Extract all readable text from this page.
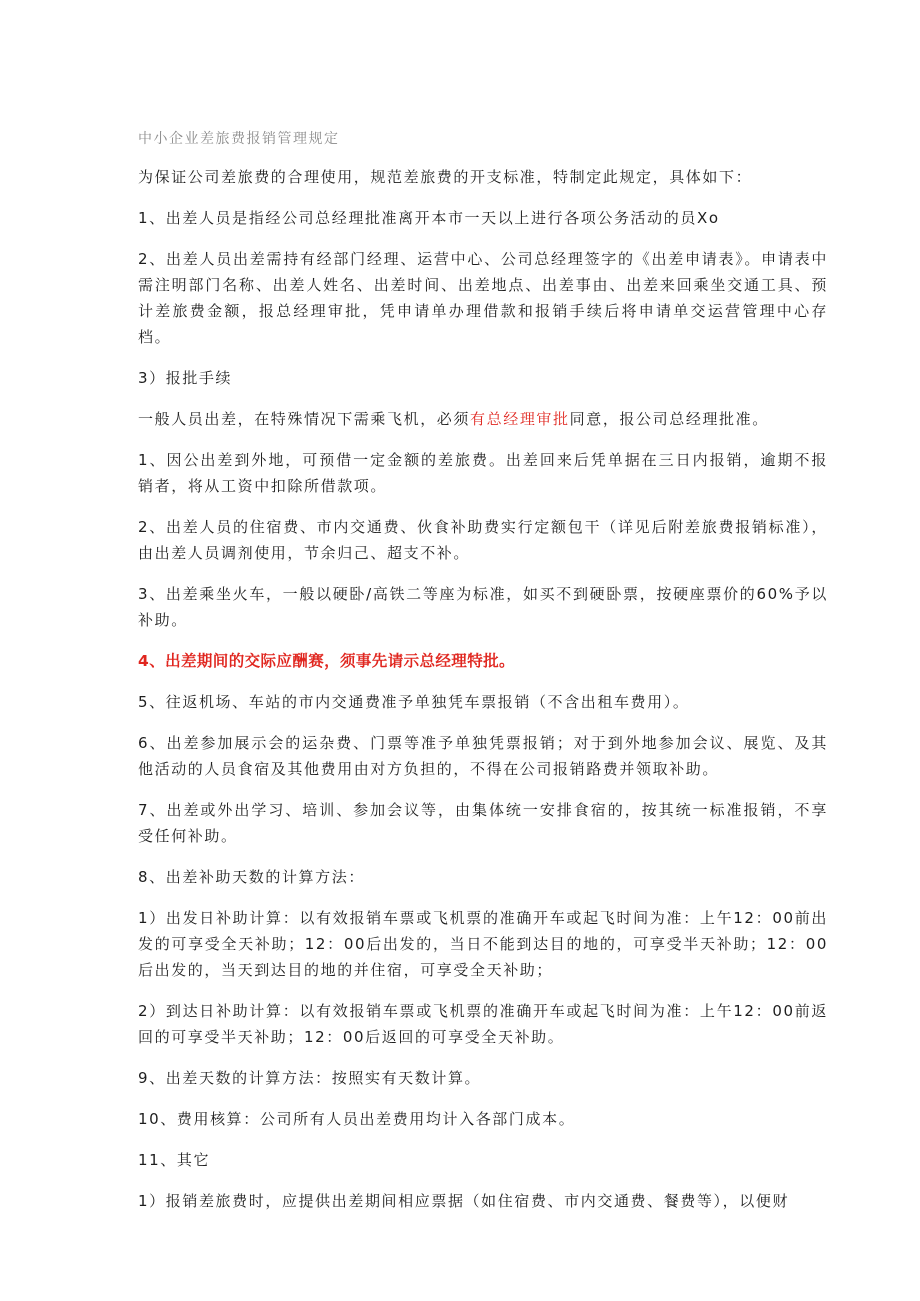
中小企业差旅费报销管理规定

为保证公司差旅费的合理使用，规范差旅费的开支标准，特制定此规定，具体如下：

1、出差人员是指经公司总经理批准离开本市一天以上进行各项公务活动的员Xo

2、出差人员出差需持有经部门经理、运营中心、公司总经理签字的《出差申请表》。申请表中需注明部门名称、出差人姓名、出差时间、出差地点、出差事由、出差来回乘坐交通工具、预计差旅费金额，报总经理审批，凭申请单办理借款和报销手续后将申请单交运营管理中心存档。

3）报批手续

一般人员出差，在特殊情况下需乘飞机，必须有总经理审批同意，报公司总经理批准。

1、因公出差到外地，可预借一定金额的差旅费。出差回来后凭单据在三日内报销，逾期不报销者，将从工资中扣除所借款项。

2、出差人员的住宿费、市内交通费、伙食补助费实行定额包干（详见后附差旅费报销标准），由出差人员调剂使用，节余归己、超支不补。

3、出差乘坐火车，一般以硬卧/高铁二等座为标准，如买不到硬卧票，按硬座票价的60%予以补助。

4、出差期间的交际应酬赛，须事先请示总经理特批。

5、往返机场、车站的市内交通费准予单独凭车票报销（不含出租车费用）。

6、出差参加展示会的运杂费、门票等准予单独凭票报销；对于到外地参加会议、展览、及其他活动的人员食宿及其他费用由对方负担的，不得在公司报销路费并领取补助。

7、出差或外出学习、培训、参加会议等，由集体统一安排食宿的，按其统一标准报销，不享受任何补助。

8、出差补助天数的计算方法：

1）出发日补助计算：以有效报销车票或飞机票的准确开车或起飞时间为准：上午12：00前出发的可享受全天补助；12：00后出发的，当日不能到达目的地的，可享受半天补助；12：00后出发的，当天到达目的地的并住宿，可享受全天补助；

2）到达日补助计算：以有效报销车票或飞机票的准确开车或起飞时间为准：上午12：00前返回的可享受半天补助；12：00后返回的可享受全天补助。

9、出差天数的计算方法：按照实有天数计算。

10、费用核算：公司所有人员出差费用均计入各部门成本。

11、其它

1）报销差旅费时，应提供出差期间相应票据（如住宿费、市内交通费、餐费等），以便财
